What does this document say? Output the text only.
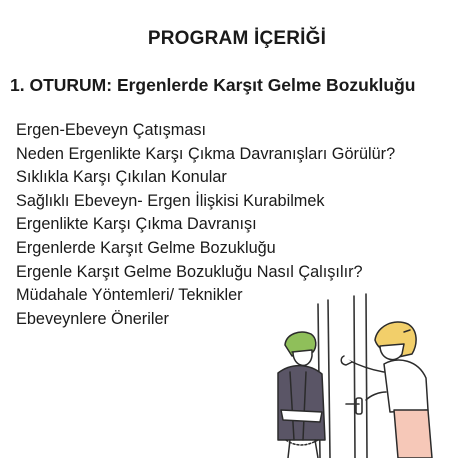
PROGRAM İÇERİĞİ
1. OTURUM: Ergenlerde Karşıt Gelme Bozukluğu
Ergen-Ebeveyn Çatışması
Neden Ergenlikte Karşı Çıkma Davranışları Görülür?
Sıklıkla Karşı Çıkılan Konular
Sağlıklı Ebeveyn- Ergen İlişkisi Kurabilmek
Ergenlikte Karşı Çıkma Davranışı
Ergenlerde Karşıt Gelme Bozukluğu
Ergenle Karşıt Gelme Bozukluğu Nasıl Çalışılır?
Müdahale Yöntemleri/ Teknikler
Ebeveynlere Öneriler
